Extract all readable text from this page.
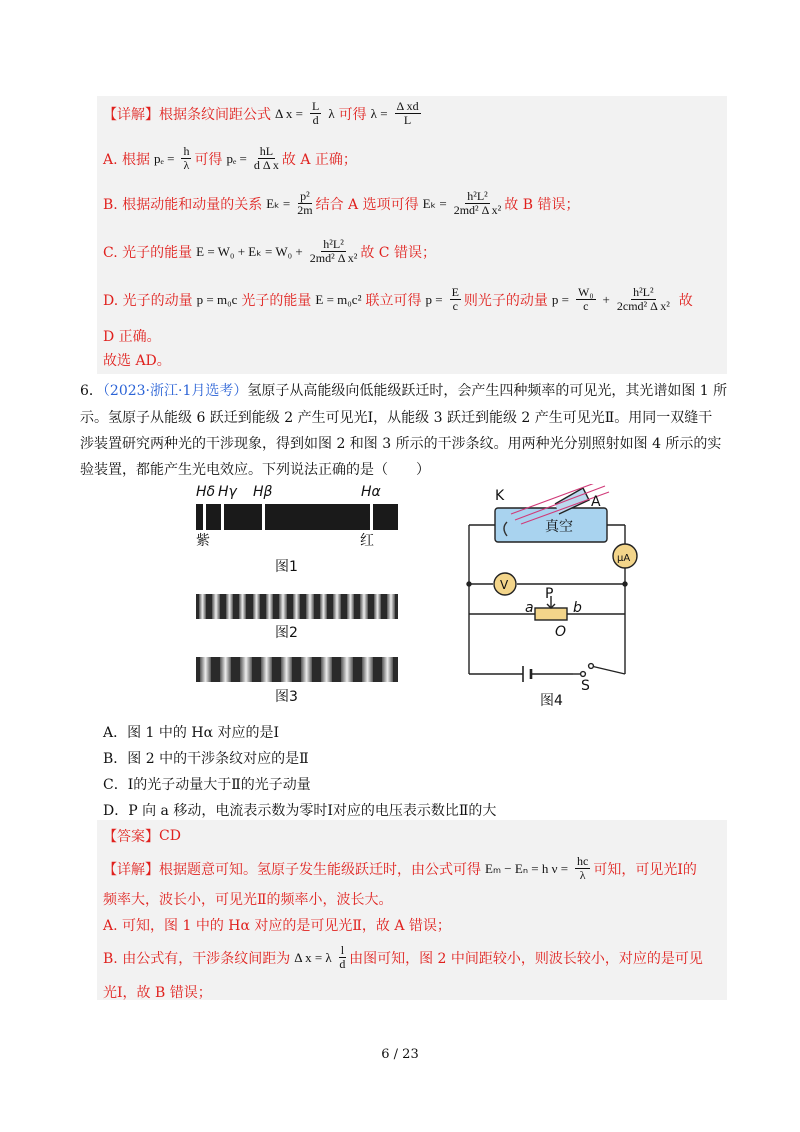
【详解】 根据条纹间距公式 Δ $x = \frac{L}{d}$ λ 可得 $\lambda = \frac{\text{Δ xd}}{L}$
A. 根据 $p_e = \frac{h}{\lambda}$ 可得 $p_e = \frac{hL}{\text{d Δ x}}$ 故 A 正确；
B. 根据动能和动量的关系 $E_k = \frac{\text{p²}}{2m}$ 结合 A 选项可得 $E_k = \frac{\text{h²L²}}{\text{2md² Δ x²}}$ 故 B 错误；
C. 光子的能量 $E = W_0 + E_k = W_0 + \frac{\text{h²L²}}{\text{2md² Δ x²}}$ 故 C 错误；
D. 光子的动量 p = m₀c 光子的能量 E = m₀c² 联立可得 $p = \frac{E}{c}$ 则光子的动量 $p = \frac{\text{W₀}}{c} + \frac{\text{h²L²}}{\text{2cmd² Δ x²}}$ 故
D 正确。
故选 AD。
6．（2023·浙江·1月选考）氢原子从高能级向低能级跃迁时，会产生四种频率的可见光，其光谱如图 1 所
示。氢原子从能级 6 跃迁到能级 2 产生可见光Ⅰ，从能级 3 跃迁到能级 2 产生可见光Ⅱ。用同一双缝干
涉装置研究两种光的干涉现象，得到如图 2 和图 3 所示的干涉条纹。用两种光分别照射如图 4 所示的实
验装置，都能产生光电效应。下列说法正确的是（　　）
Hδ Hγ Hβ	Hα
紫	红
图1
图2
图3
K	A
真空
μA
V
P
a	b
O
S
图4
A．图 1 中的 Hα 对应的是Ⅰ
B．图 2 中的干涉条纹对应的是Ⅱ
C．Ⅰ的光子动量大于Ⅱ的光子动量
D．P 向 a 移动，电流表示数为零时Ⅰ对应的电压表示数比Ⅱ的大
【答案】 CD
【详解】 根据题意可知。氢原子发生能级跃迁时，由公式可得 Eₘ − Eₙ = h $\nu = \frac{hc}{\lambda}$ 可知，可见光Ⅰ的
频率大，波长小，可见光Ⅱ的频率小，波长大。
A. 可知，图 1 中的 Hα 对应的是可见光Ⅱ，故 A 错误；
B. 由公式有，干涉条纹间距为 Δ x = λ $\frac{l}{d}$ 由图可知，图 2 中间距较小，则波长较小，对应的是可见
光Ⅰ，故 B 错误；
6 / 23
